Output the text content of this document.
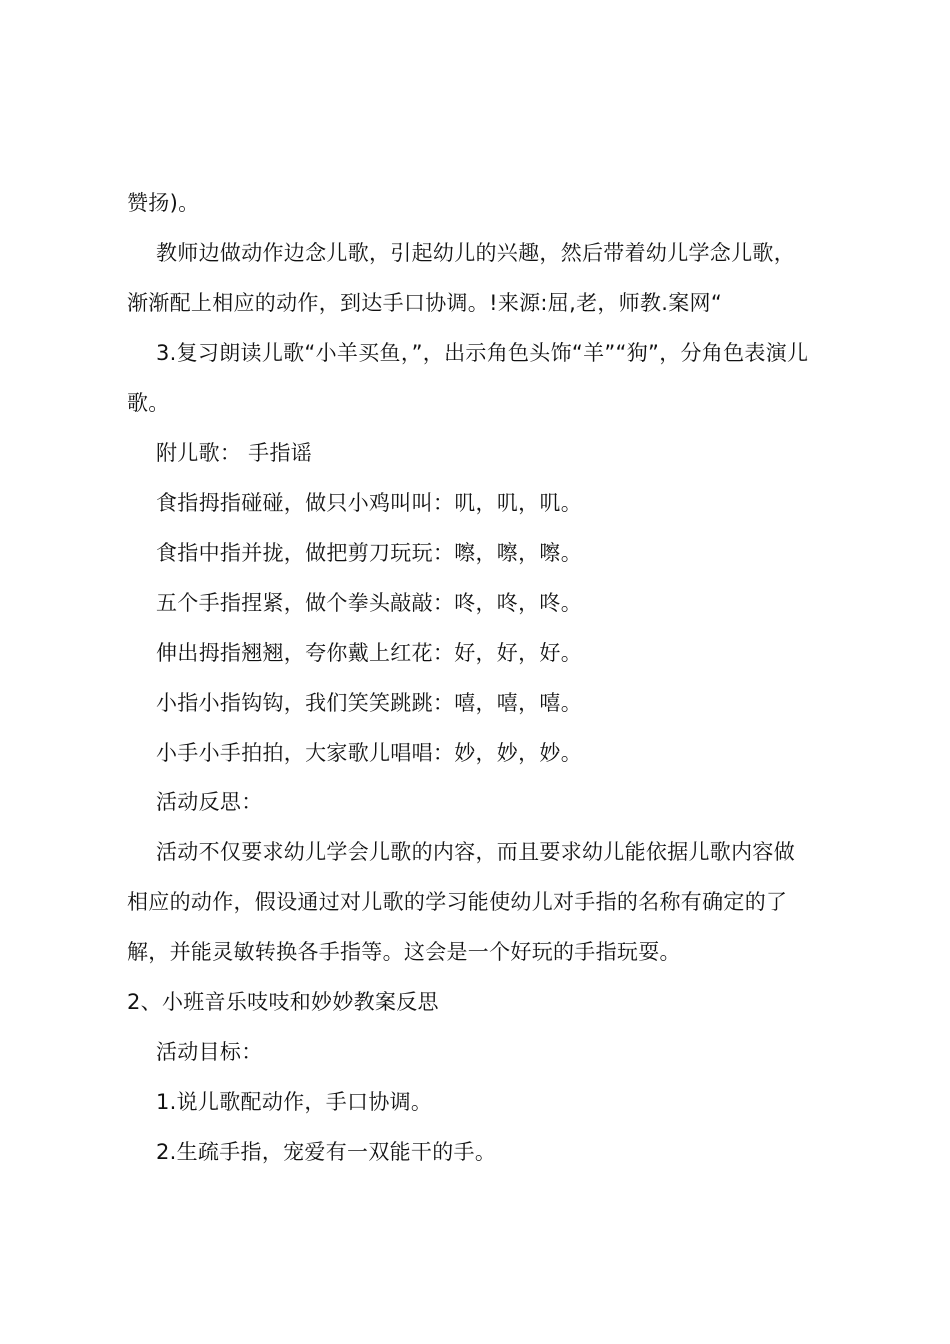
赞扬)。
教师边做动作边念儿歌，引起幼儿的兴趣，然后带着幼儿学念儿歌，
渐渐配上相应的动作，到达手口协调。!来源:屈,老，师教.案网“
3.复习朗读儿歌“小羊买鱼，”，出示角色头饰“羊”“狗”，分角色表演儿
歌。
附儿歌： 手指谣
食指拇指碰碰，做只小鸡叫叫：叽，叽，叽。
食指中指并拢，做把剪刀玩玩：嚓，嚓，嚓。
五个手指捏紧，做个拳头敲敲：咚，咚，咚。
伸出拇指翘翘，夸你戴上红花：好，好，好。
小指小指钩钩，我们笑笑跳跳：嘻，嘻，嘻。
小手小手拍拍，大家歌儿唱唱：妙，妙，妙。
活动反思：
活动不仅要求幼儿学会儿歌的内容，而且要求幼儿能依据儿歌内容做
相应的动作，假设通过对儿歌的学习能使幼儿对手指的名称有确定的了
解，并能灵敏转换各手指等。这会是一个好玩的手指玩耍。
2、小班音乐吱吱和妙妙教案反思
活动目标：
1.说儿歌配动作，手口协调。
2.生疏手指，宠爱有一双能干的手。
